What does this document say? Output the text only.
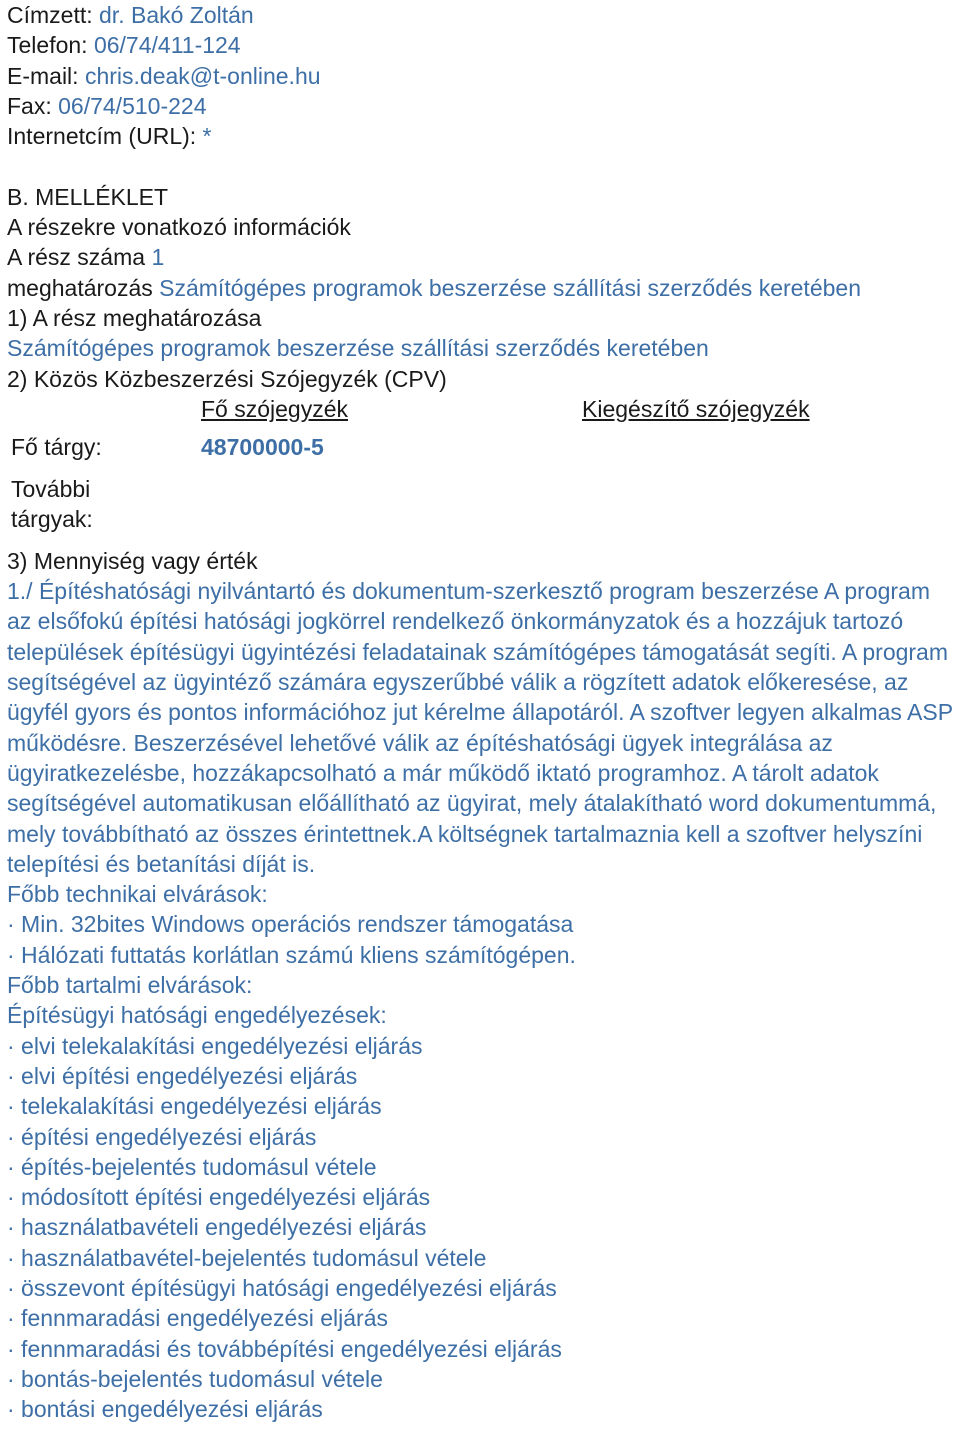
Címzett: dr. Bakó Zoltán
Telefon: 06/74/411-124
E-mail: chris.deak@t-online.hu
Fax: 06/74/510-224
Internetcím (URL): *
B. MELLÉKLET
A részekre vonatkozó információk
A rész száma 1
meghatározás Számítógépes programok beszerzése szállítási szerződés keretében
1) A rész meghatározása
Számítógépes programok beszerzése szállítási szerződés keretében
2) Közös Közbeszerzési Szójegyzék (CPV)
Fő szójegyzék	Kiegészítő szójegyzék
Fő tárgy:	48700000-5
További tárgyak:
3) Mennyiség vagy érték
1./ Építéshatósági nyilvántartó és dokumentum-szerkesztő program beszerzése A program az elsőfokú építési hatósági jogkörrel rendelkező önkormányzatok és a hozzájuk tartozó települések építésügyi ügyintézési feladatainak számítógépes támogatását segíti. A program segítségével az ügyintéző számára egyszerűbbé válik a rögzített adatok előkeresése, az ügyfél gyors és pontos információhoz jut kérelme állapotáról. A szoftver legyen alkalmas ASP működésre. Beszerzésével lehetővé válik az építéshatósági ügyek integrálása az ügyiratkezelésbe, hozzákapcsolható a már működő iktató programhoz. A tárolt adatok segítségével automatikusan előállítható az ügyirat, mely átalakítható word dokumentummá, mely továbbítható az összes érintettnek.A költségnek tartalmaznia kell a szoftver helyszíni telepítési és betanítási díját is.
Főbb technikai elvárások:
· Min. 32bites Windows operációs rendszer támogatása
· Hálózati futtatás korlátlan számú kliens számítógépen.
Főbb tartalmi elvárások:
Építésügyi hatósági engedélyezések:
· elvi telekalakítási engedélyezési eljárás
· elvi építési engedélyezési eljárás
· telekalakítási engedélyezési eljárás
· építési engedélyezési eljárás
· építés-bejelentés tudomásul vétele
· módosított építési engedélyezési eljárás
· használatbavételi engedélyezési eljárás
· használatbavétel-bejelentés tudomásul vétele
· összevont építésügyi hatósági engedélyezési eljárás
· fennmaradási engedélyezési eljárás
· fennmaradási és továbbépítési engedélyezési eljárás
· bontás-bejelentés tudomásul vétele
· bontási engedélyezési eljárás
